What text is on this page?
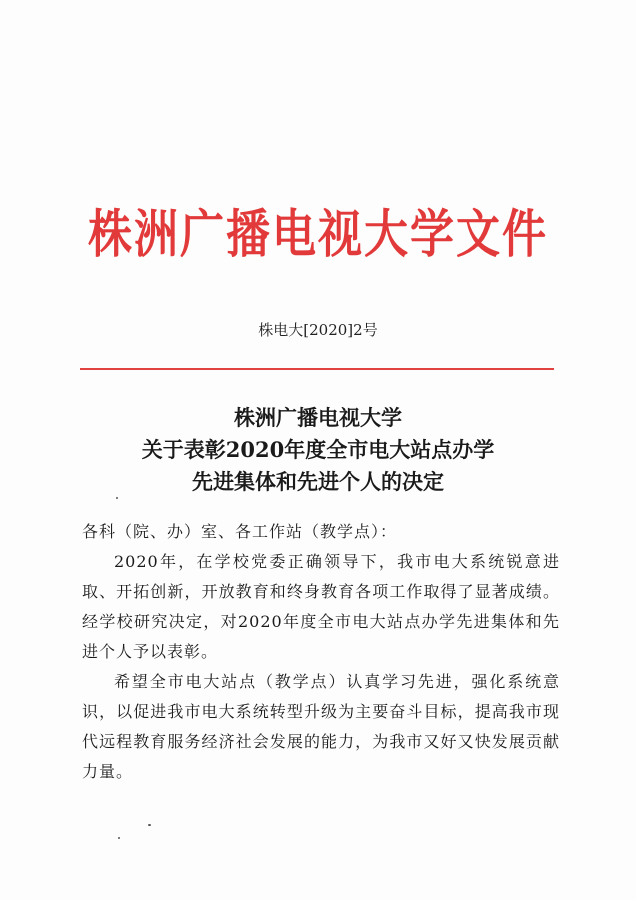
株洲广播电视大学文件
株电大[2020]2号
株洲广播电视大学
关于表彰2020年度全市电大站点办学
先进集体和先进个人的决定

各科（院、办）室、各工作站（教学点）：

2020年，在学校党委正确领导下，我市电大系统锐意进取、开拓创新，开放教育和终身教育各项工作取得了显著成绩。经学校研究决定，对2020年度全市电大站点办学先进集体和先进个人予以表彰。

希望全市电大站点（教学点）认真学习先进，强化系统意识，以促进我市电大系统转型升级为主要奋斗目标，提高我市现代远程教育服务经济社会发展的能力，为我市又好又快发展贡献力量。
